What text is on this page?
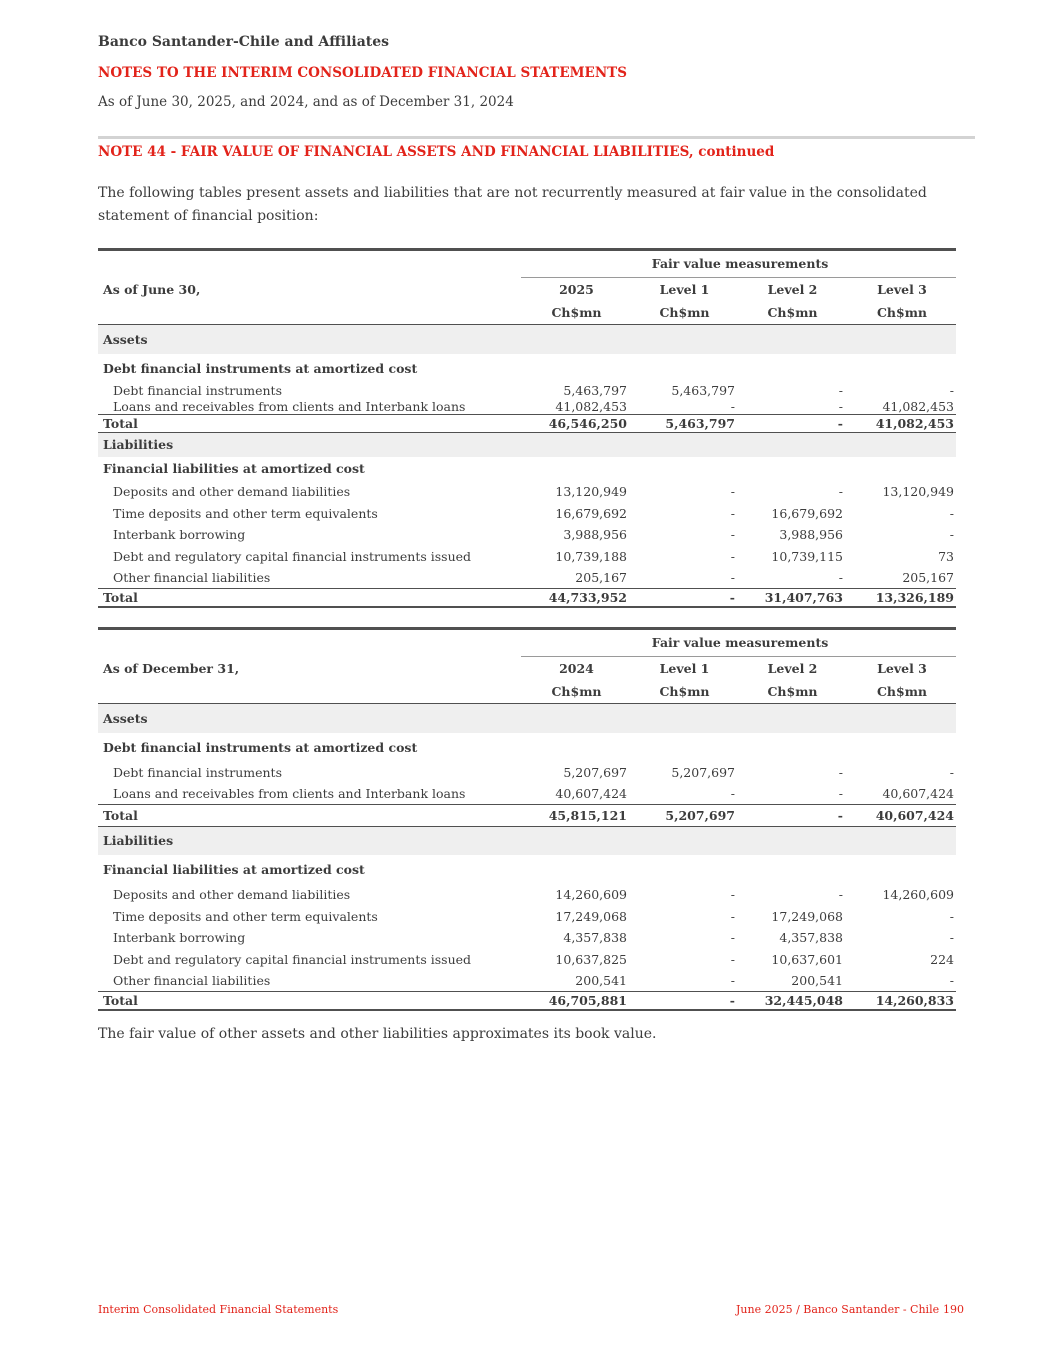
Banco Santander-Chile and Affiliates
NOTES TO THE INTERIM CONSOLIDATED FINANCIAL STATEMENTS
As of June 30, 2025, and 2024, and as of December 31, 2024
NOTE 44 - FAIR VALUE OF FINANCIAL ASSETS AND FINANCIAL LIABILITIES, continued
The following tables present assets and liabilities that are not recurrently measured at fair value in the consolidated statement of financial position:
	Fair value measurements			
As of June 30,	2025	Level 1	Level 2	Level 3
	Ch$mn	Ch$mn	Ch$mn	Ch$mn
Assets				
Debt financial instruments at amortized cost				
Debt financial instruments	5,463,797	5,463,797	-	-
Loans and receivables from clients and Interbank loans	41,082,453	-	-	41,082,453
Total	46,546,250	5,463,797	-	41,082,453
Liabilities				
Financial liabilities at amortized cost				
Deposits and other demand liabilities	13,120,949	-	-	13,120,949
Time deposits and other term equivalents	16,679,692	-	16,679,692	-
Interbank borrowing	3,988,956	-	3,988,956	-
Debt and regulatory capital financial instruments issued	10,739,188	-	10,739,115	73
Other financial liabilities	205,167	-	-	205,167
Total	44,733,952	-	31,407,763	13,326,189
	Fair value measurements			
As of December 31,	2024	Level 1	Level 2	Level 3
	Ch$mn	Ch$mn	Ch$mn	Ch$mn
Assets				
Debt financial instruments at amortized cost				
Debt financial instruments	5,207,697	5,207,697	-	-
Loans and receivables from clients and Interbank loans	40,607,424	-	-	40,607,424
Total	45,815,121	5,207,697	-	40,607,424
Liabilities				
Financial liabilities at amortized cost				
Deposits and other demand liabilities	14,260,609	-	-	14,260,609
Time deposits and other term equivalents	17,249,068	-	17,249,068	-
Interbank borrowing	4,357,838	-	4,357,838	-
Debt and regulatory capital financial instruments issued	10,637,825	-	10,637,601	224
Other financial liabilities	200,541	-	200,541	-
Total	46,705,881	-	32,445,048	14,260,833
The fair value of other assets and other liabilities approximates its book value.
Interim Consolidated Financial Statements	June 2025 / Banco Santander - Chile 190
